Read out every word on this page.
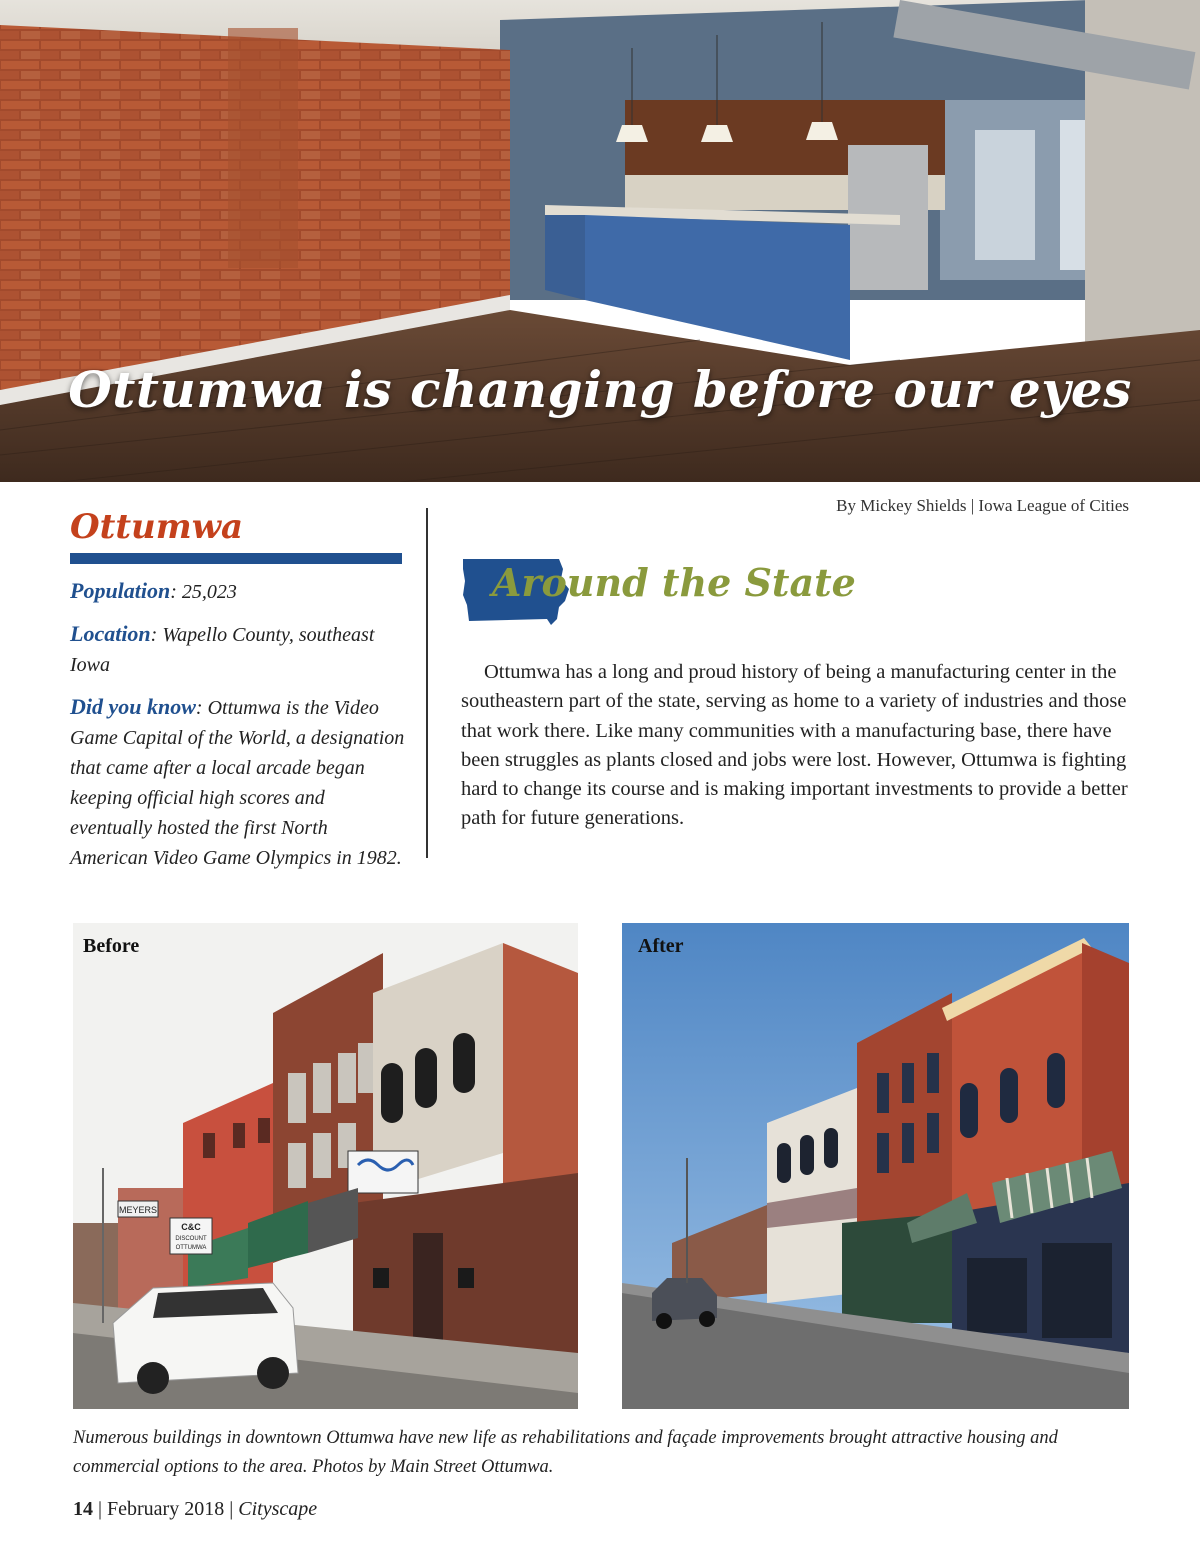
Ottumwa is changing before our eyes
By Mickey Shields | Iowa League of Cities
Ottumwa

Population: 25,023

Location: Wapello County, southeast Iowa

Did you know: Ottumwa is the Video Game Capital of the World, a designation that came after a local arcade began keeping official high scores and eventually hosted the first North American Video Game Olympics in 1982.

Around the State

Ottumwa has a long and proud history of being a manufacturing center in the southeastern part of the state, serving as home to a variety of industries and those that work there. Like many communities with a manufacturing base, there have been struggles as plants closed and jobs were lost. However, Ottumwa is fighting hard to change its course and is making important investments to provide a better path for future generations.

MEYERS
C&C
DISCOUNT
OTTUMWA
Before	After

Numerous buildings in downtown Ottumwa have new life as rehabilitations and façade improvements brought attractive housing and commercial options to the area. Photos by Main Street Ottumwa.

14 | February 2018 | Cityscape
